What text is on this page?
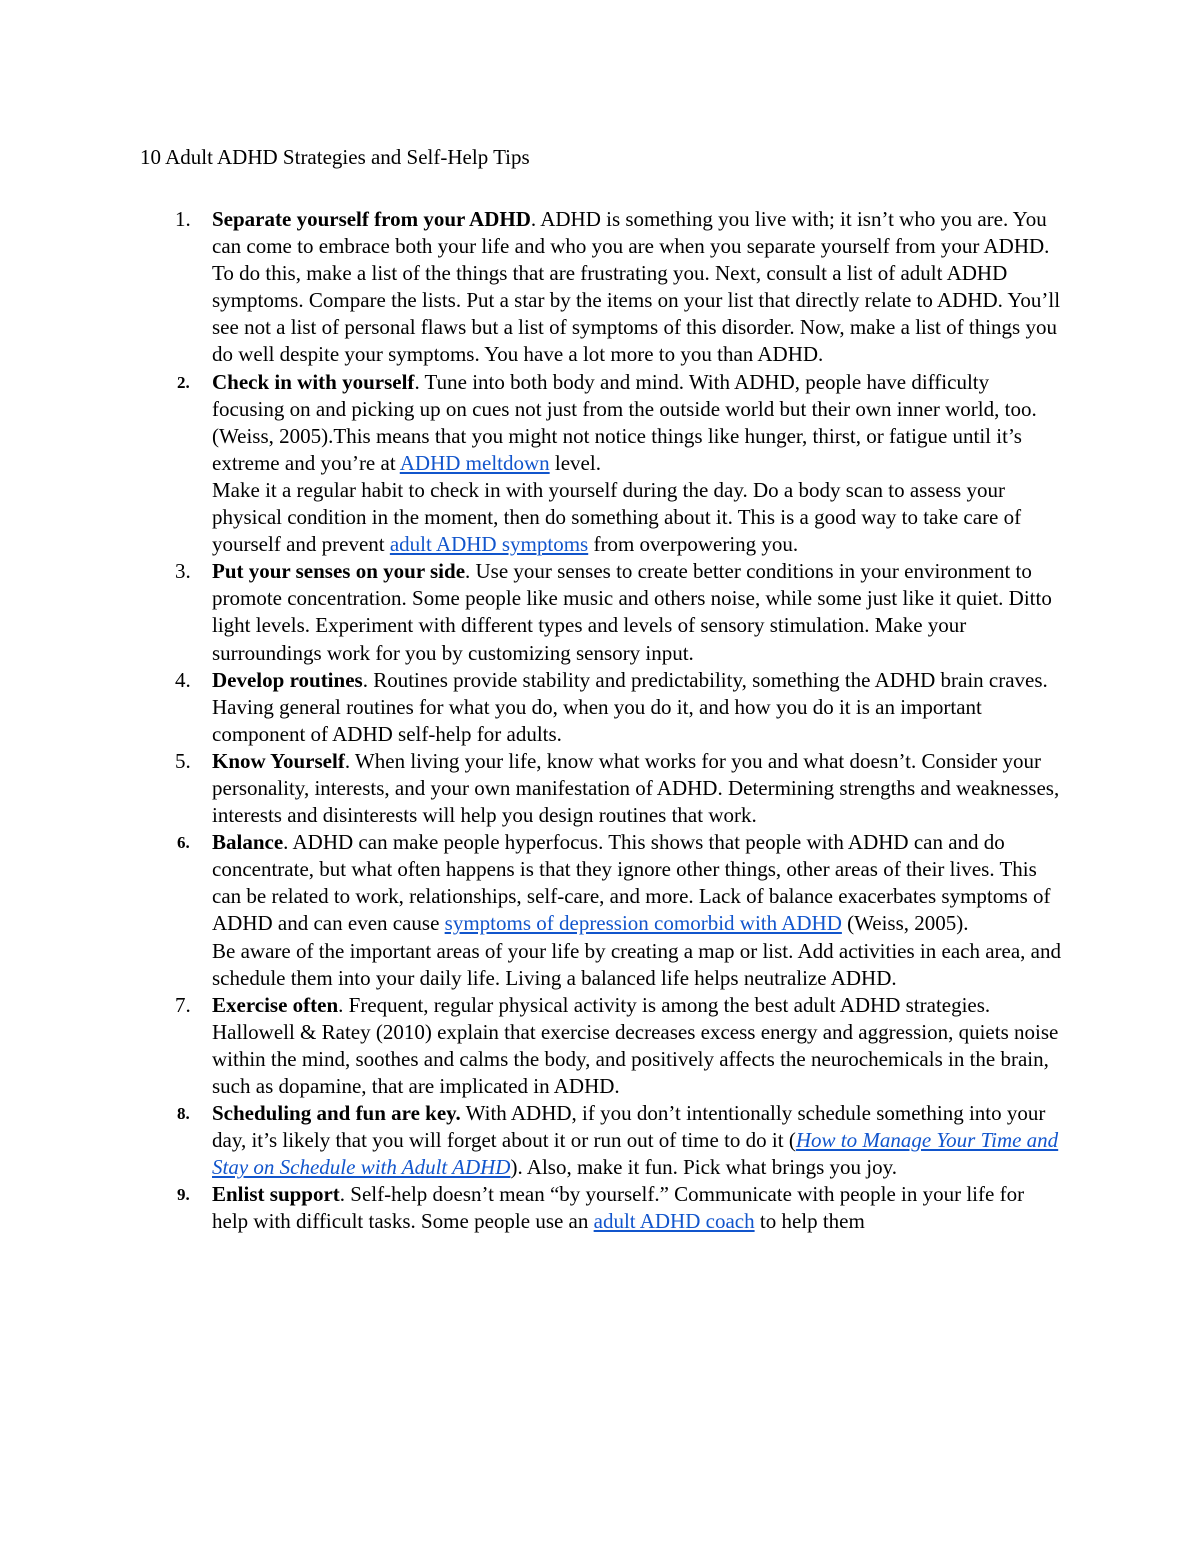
10 Adult ADHD Strategies and Self-Help Tips
1.	Separate yourself from your ADHD. ADHD is something you live with; it isn’t who you are. You can come to embrace both your life and who you are when you separate yourself from your ADHD.
To do this, make a list of the things that are frustrating you. Next, consult a list of adult ADHD symptoms. Compare the lists. Put a star by the items on your list that directly relate to ADHD. You’ll see not a list of personal flaws but a list of symptoms of this disorder. Now, make a list of things you do well despite your symptoms. You have a lot more to you than ADHD.
2.	Check in with yourself. Tune into both body and mind. With ADHD, people have difficulty focusing on and picking up on cues not just from the outside world but their own inner world, too. (Weiss, 2005).This means that you might not notice things like hunger, thirst, or fatigue until it’s extreme and you’re at ADHD meltdown level.
Make it a regular habit to check in with yourself during the day. Do a body scan to assess your physical condition in the moment, then do something about it. This is a good way to take care of yourself and prevent adult ADHD symptoms from overpowering you.
3.	Put your senses on your side. Use your senses to create better conditions in your environment to promote concentration. Some people like music and others noise, while some just like it quiet. Ditto light levels. Experiment with different types and levels of sensory stimulation. Make your surroundings work for you by customizing sensory input.
4.	Develop routines. Routines provide stability and predictability, something the ADHD brain craves. Having general routines for what you do, when you do it, and how you do it is an important component of ADHD self-help for adults.
5.	Know Yourself. When living your life, know what works for you and what doesn’t. Consider your personality, interests, and your own manifestation of ADHD. Determining strengths and weaknesses, interests and disinterests will help you design routines that work.
6.	Balance. ADHD can make people hyperfocus. This shows that people with ADHD can and do concentrate, but what often happens is that they ignore other things, other areas of their lives. This can be related to work, relationships, self-care, and more. Lack of balance exacerbates symptoms of ADHD and can even cause symptoms of depression comorbid with ADHD (Weiss, 2005).
Be aware of the important areas of your life by creating a map or list. Add activities in each area, and schedule them into your daily life. Living a balanced life helps neutralize ADHD.
7.	Exercise often. Frequent, regular physical activity is among the best adult ADHD strategies. Hallowell & Ratey (2010) explain that exercise decreases excess energy and aggression, quiets noise within the mind, soothes and calms the body, and positively affects the neurochemicals in the brain, such as dopamine, that are implicated in ADHD.
8.	Scheduling and fun are key. With ADHD, if you don’t intentionally schedule something into your day, it’s likely that you will forget about it or run out of time to do it (How to Manage Your Time and Stay on Schedule with Adult ADHD). Also, make it fun. Pick what brings you joy.
9.	Enlist support. Self-help doesn’t mean “by yourself.” Communicate with people in your life for help with difficult tasks. Some people use an adult ADHD coach to help them
